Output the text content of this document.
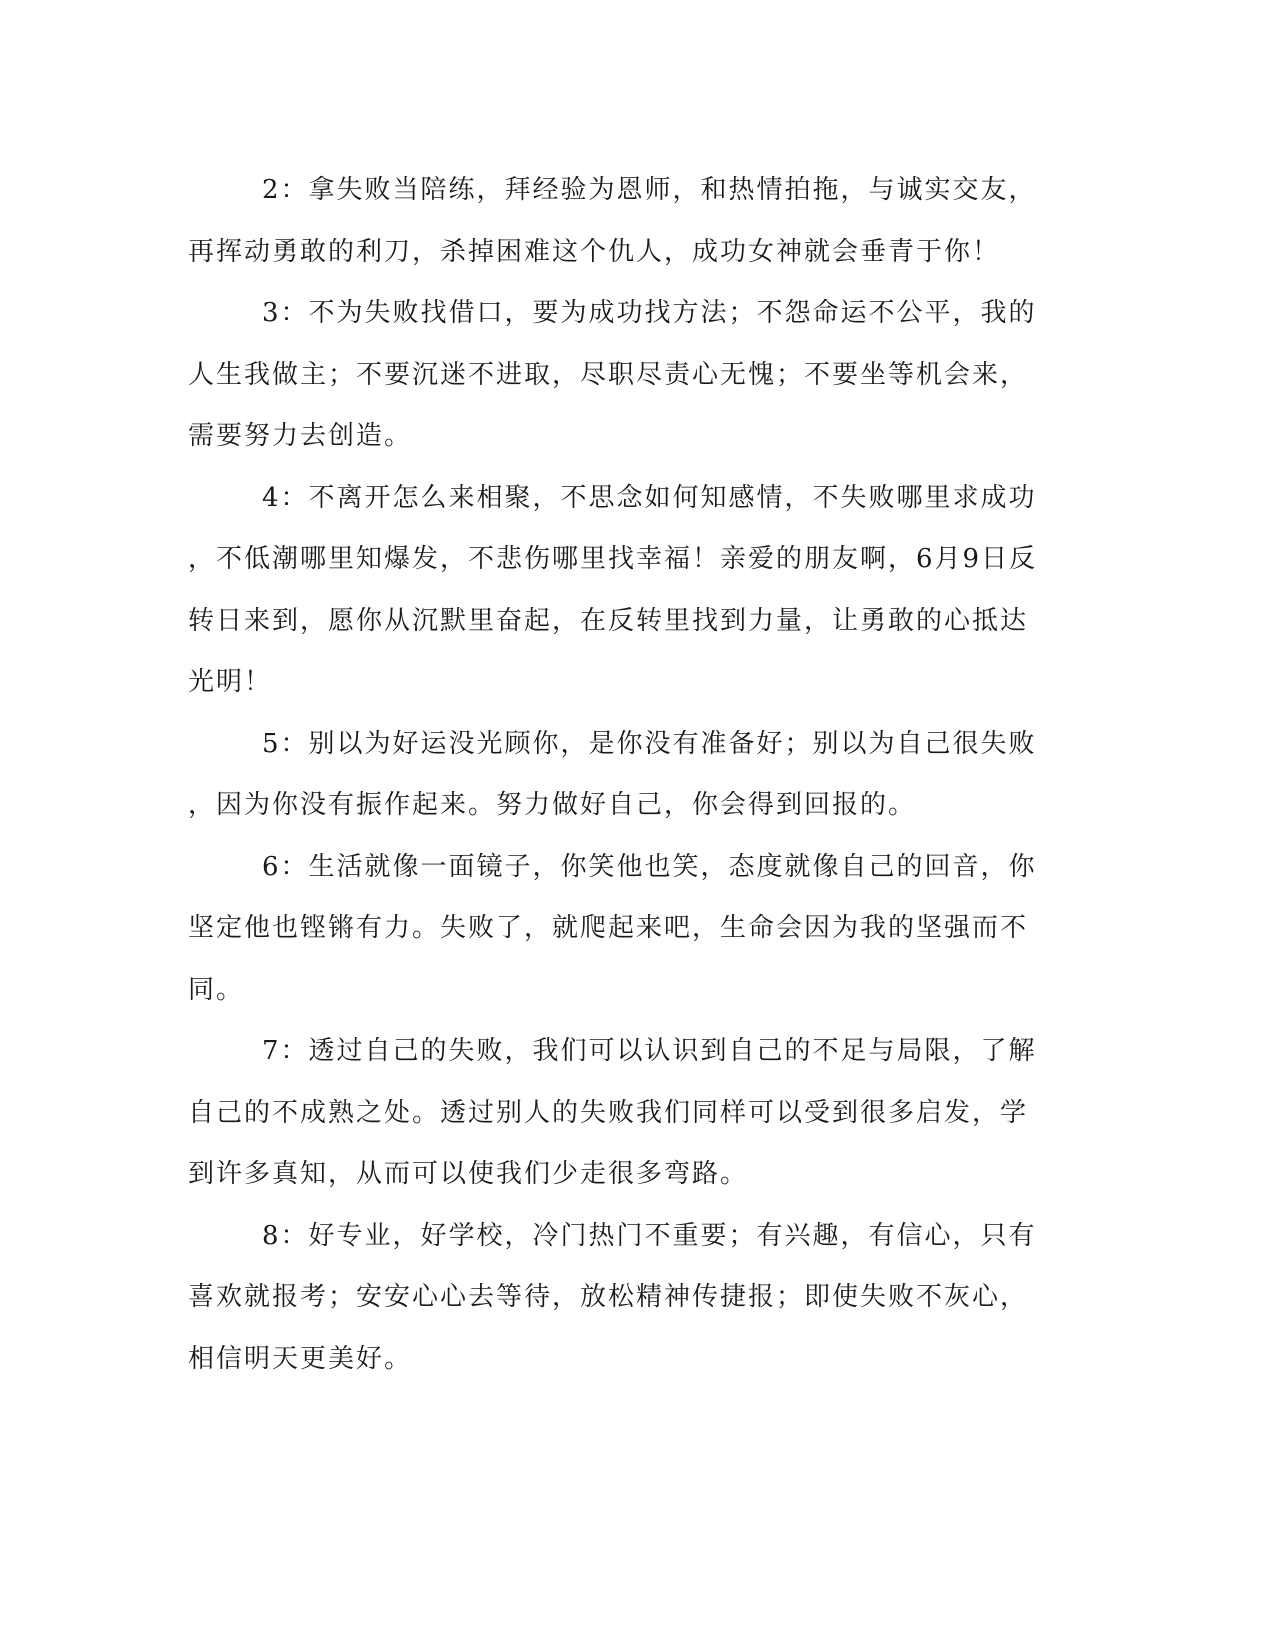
2：拿失败当陪练，拜经验为恩师，和热情拍拖，与诚实交友，
再挥动勇敢的利刀，杀掉困难这个仇人，成功女神就会垂青于你！
3：不为失败找借口，要为成功找方法；不怨命运不公平，我的
人生我做主；不要沉迷不进取，尽职尽责心无愧；不要坐等机会来，
需要努力去创造。
4：不离开怎么来相聚，不思念如何知感情，不失败哪里求成功
，不低潮哪里知爆发，不悲伤哪里找幸福！亲爱的朋友啊，6月9日反
转日来到，愿你从沉默里奋起，在反转里找到力量，让勇敢的心抵达
光明！
5：别以为好运没光顾你，是你没有准备好；别以为自己很失败
，因为你没有振作起来。努力做好自己，你会得到回报的。
6：生活就像一面镜子，你笑他也笑，态度就像自己的回音，你
坚定他也铿锵有力。失败了，就爬起来吧，生命会因为我的坚强而不
同。
7：透过自己的失败，我们可以认识到自己的不足与局限，了解
自己的不成熟之处。透过别人的失败我们同样可以受到很多启发，学
到许多真知，从而可以使我们少走很多弯路。
8：好专业，好学校，冷门热门不重要；有兴趣，有信心，只有
喜欢就报考；安安心心去等待，放松精神传捷报；即使失败不灰心，
相信明天更美好。
